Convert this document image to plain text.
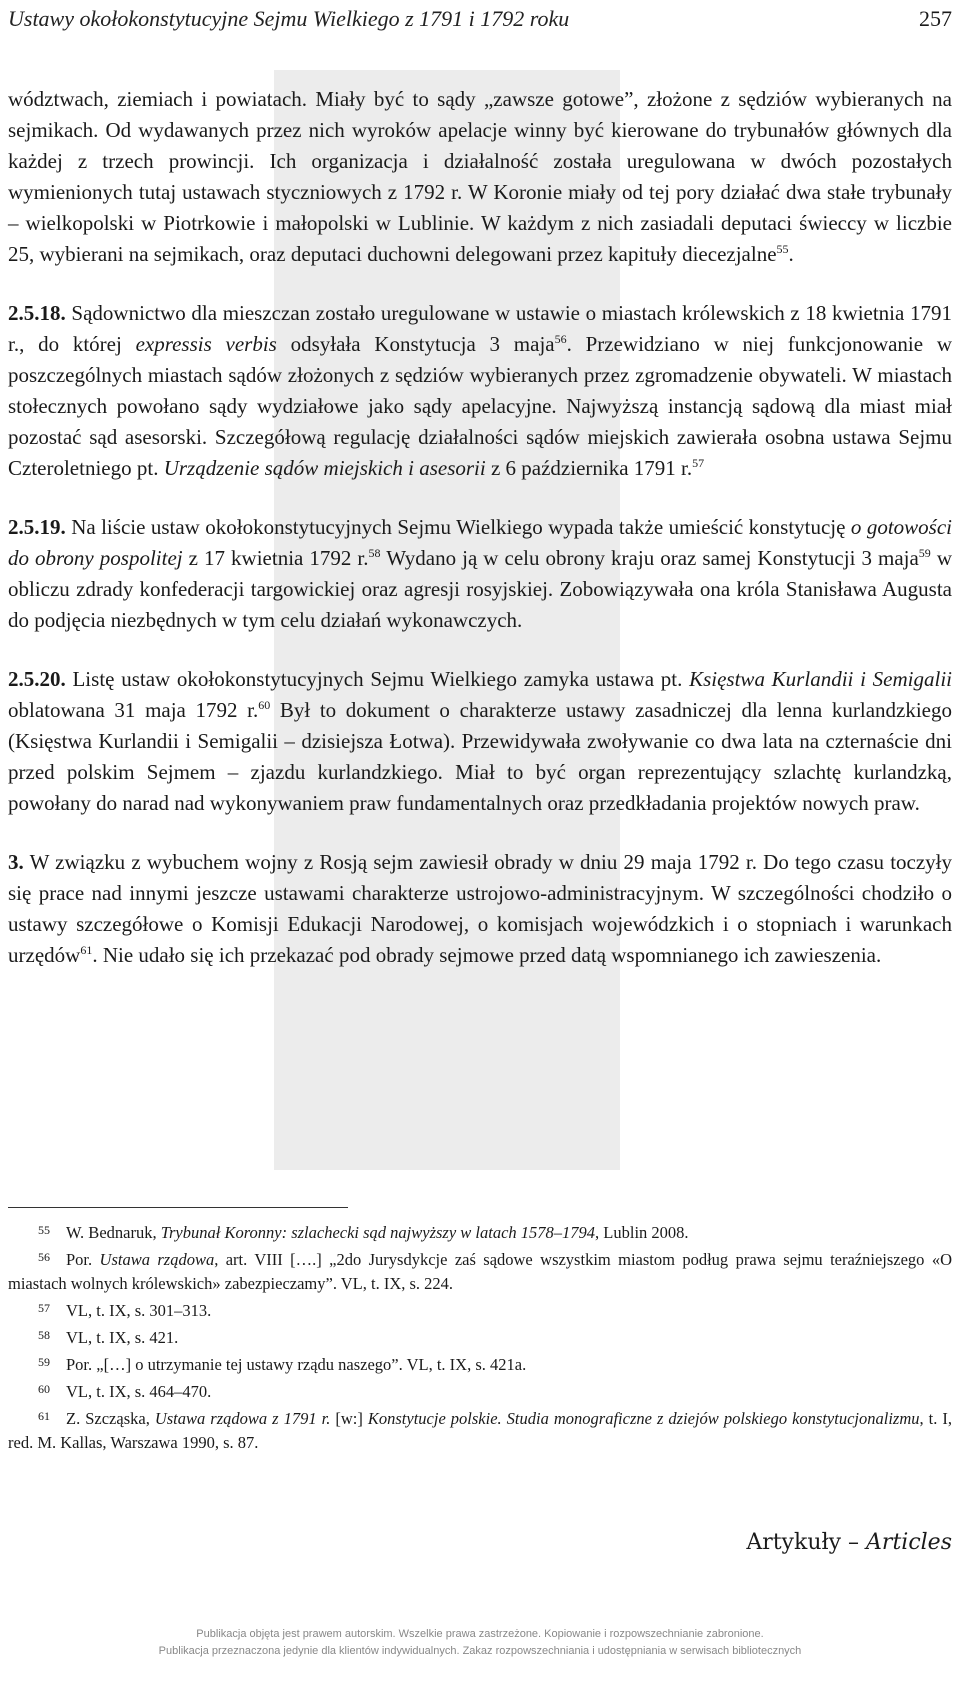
Ustawy okołokonstytucyjne Sejmu Wielkiego z 1791 i 1792 roku	257

wództwach, ziemiach i powiatach. Miały być to sądy „zawsze gotowe”, złożone z sędziów wybieranych na sejmikach. Od wydawanych przez nich wyroków apelacje winny być kierowane do trybunałów głównych dla każdej z trzech prowincji. Ich organizacja i działalność została uregulowana w dwóch pozostałych wymienionych tutaj ustawach styczniowych z 1792 r. W Koronie miały od tej pory działać dwa stałe trybunały – wielkopolski w Piotrkowie i małopolski w Lublinie. W każdym z nich zasiadali deputaci świeccy w liczbie 25, wybierani na sejmikach, oraz deputaci duchowni delegowani przez kapituły diecezjalne$^{55}$.

2.5.18. Sądownictwo dla mieszczan zostało uregulowane w ustawie o miastach królewskich z 18 kwietnia 1791 r., do której expressis verbis odsyłała Konstytucja 3 maja$^{56}$. Przewidziano w niej funkcjonowanie w poszczególnych miastach sądów złożonych z sędziów wybieranych przez zgromadzenie obywateli. W miastach stołecznych powołano sądy wydziałowe jako sądy apelacyjne. Najwyższą instancją sądową dla miast miał pozostać sąd asesorski. Szczegółową regulację działalności sądów miejskich zawierała osobna ustawa Sejmu Czteroletniego pt. Urządzenie sądów miejskich i asesorii z 6 października 1791 r.$^{57}$

2.5.19. Na liście ustaw okołokonstytucyjnych Sejmu Wielkiego wypada także umieścić konstytucję o gotowości do obrony pospolitej z 17 kwietnia 1792 r.$^{58}$ Wydano ją w celu obrony kraju oraz samej Konstytucji 3 maja$^{59}$ w obliczu zdrady konfederacji targowickiej oraz agresji rosyjskiej. Zobowiązywała ona króla Stanisława Augusta do podjęcia niezbędnych w tym celu działań wykonawczych.

2.5.20. Listę ustaw okołokonstytucyjnych Sejmu Wielkiego zamyka ustawa pt. Księstwa Kurlandii i Semigalii oblatowana 31 maja 1792 r.$^{60}$ Był to dokument o charakterze ustawy zasadniczej dla lenna kurlandzkiego (Księstwa Kurlandii i Semigalii – dzisiejsza Łotwa). Przewidywała zwoływanie co dwa lata na czternaście dni przed polskim Sejmem – zjazdu kurlandzkiego. Miał to być organ reprezentujący szlachtę kurlandzką, powołany do narad nad wykonywaniem praw fundamentalnych oraz przedkładania projektów nowych praw.

3. W związku z wybuchem wojny z Rosją sejm zawiesił obrady w dniu 29 maja 1792 r. Do tego czasu toczyły się prace nad innymi jeszcze ustawami charakterze ustrojowo-administracyjnym. W szczególności chodziło o ustawy szczegółowe o Komisji Edukacji Narodowej, o komisjach wojewódzkich i o stopniach i warunkach urzędów$^{61}$. Nie udało się ich przekazać pod obrady sejmowe przed datą wspomnianego ich zawieszenia.

55 W. Bednaruk, Trybunał Koronny: szlachecki sąd najwyższy w latach 1578–1794, Lublin 2008.

56 Por. Ustawa rządowa, art. VIII [….] „2do Jurysdykcje zaś sądowe wszystkim miastom podług prawa sejmu teraźniejszego «O miastach wolnych królewskich» zabezpieczamy”. VL, t. IX, s. 224.

57 VL, t. IX, s. 301–313.

58 VL, t. IX, s. 421.

59 Por. „[…] o utrzymanie tej ustawy rządu naszego”. VL, t. IX, s. 421a.

60 VL, t. IX, s. 464–470.

61 Z. Szcząska, Ustawa rządowa z 1791 r. [w:] Konstytucje polskie. Studia monograficzne z dziejów polskiego konstytucjonalizmu, t. I, red. M. Kallas, Warszawa 1990, s. 87.

Artykuły – Articles
Publikacja objęta jest prawem autorskim. Wszelkie prawa zastrzeżone. Kopiowanie i rozpowszechnianie zabronione.
Publikacja przeznaczona jedynie dla klientów indywidualnych. Zakaz rozpowszechniania i udostępniania w serwisach bibliotecznych
